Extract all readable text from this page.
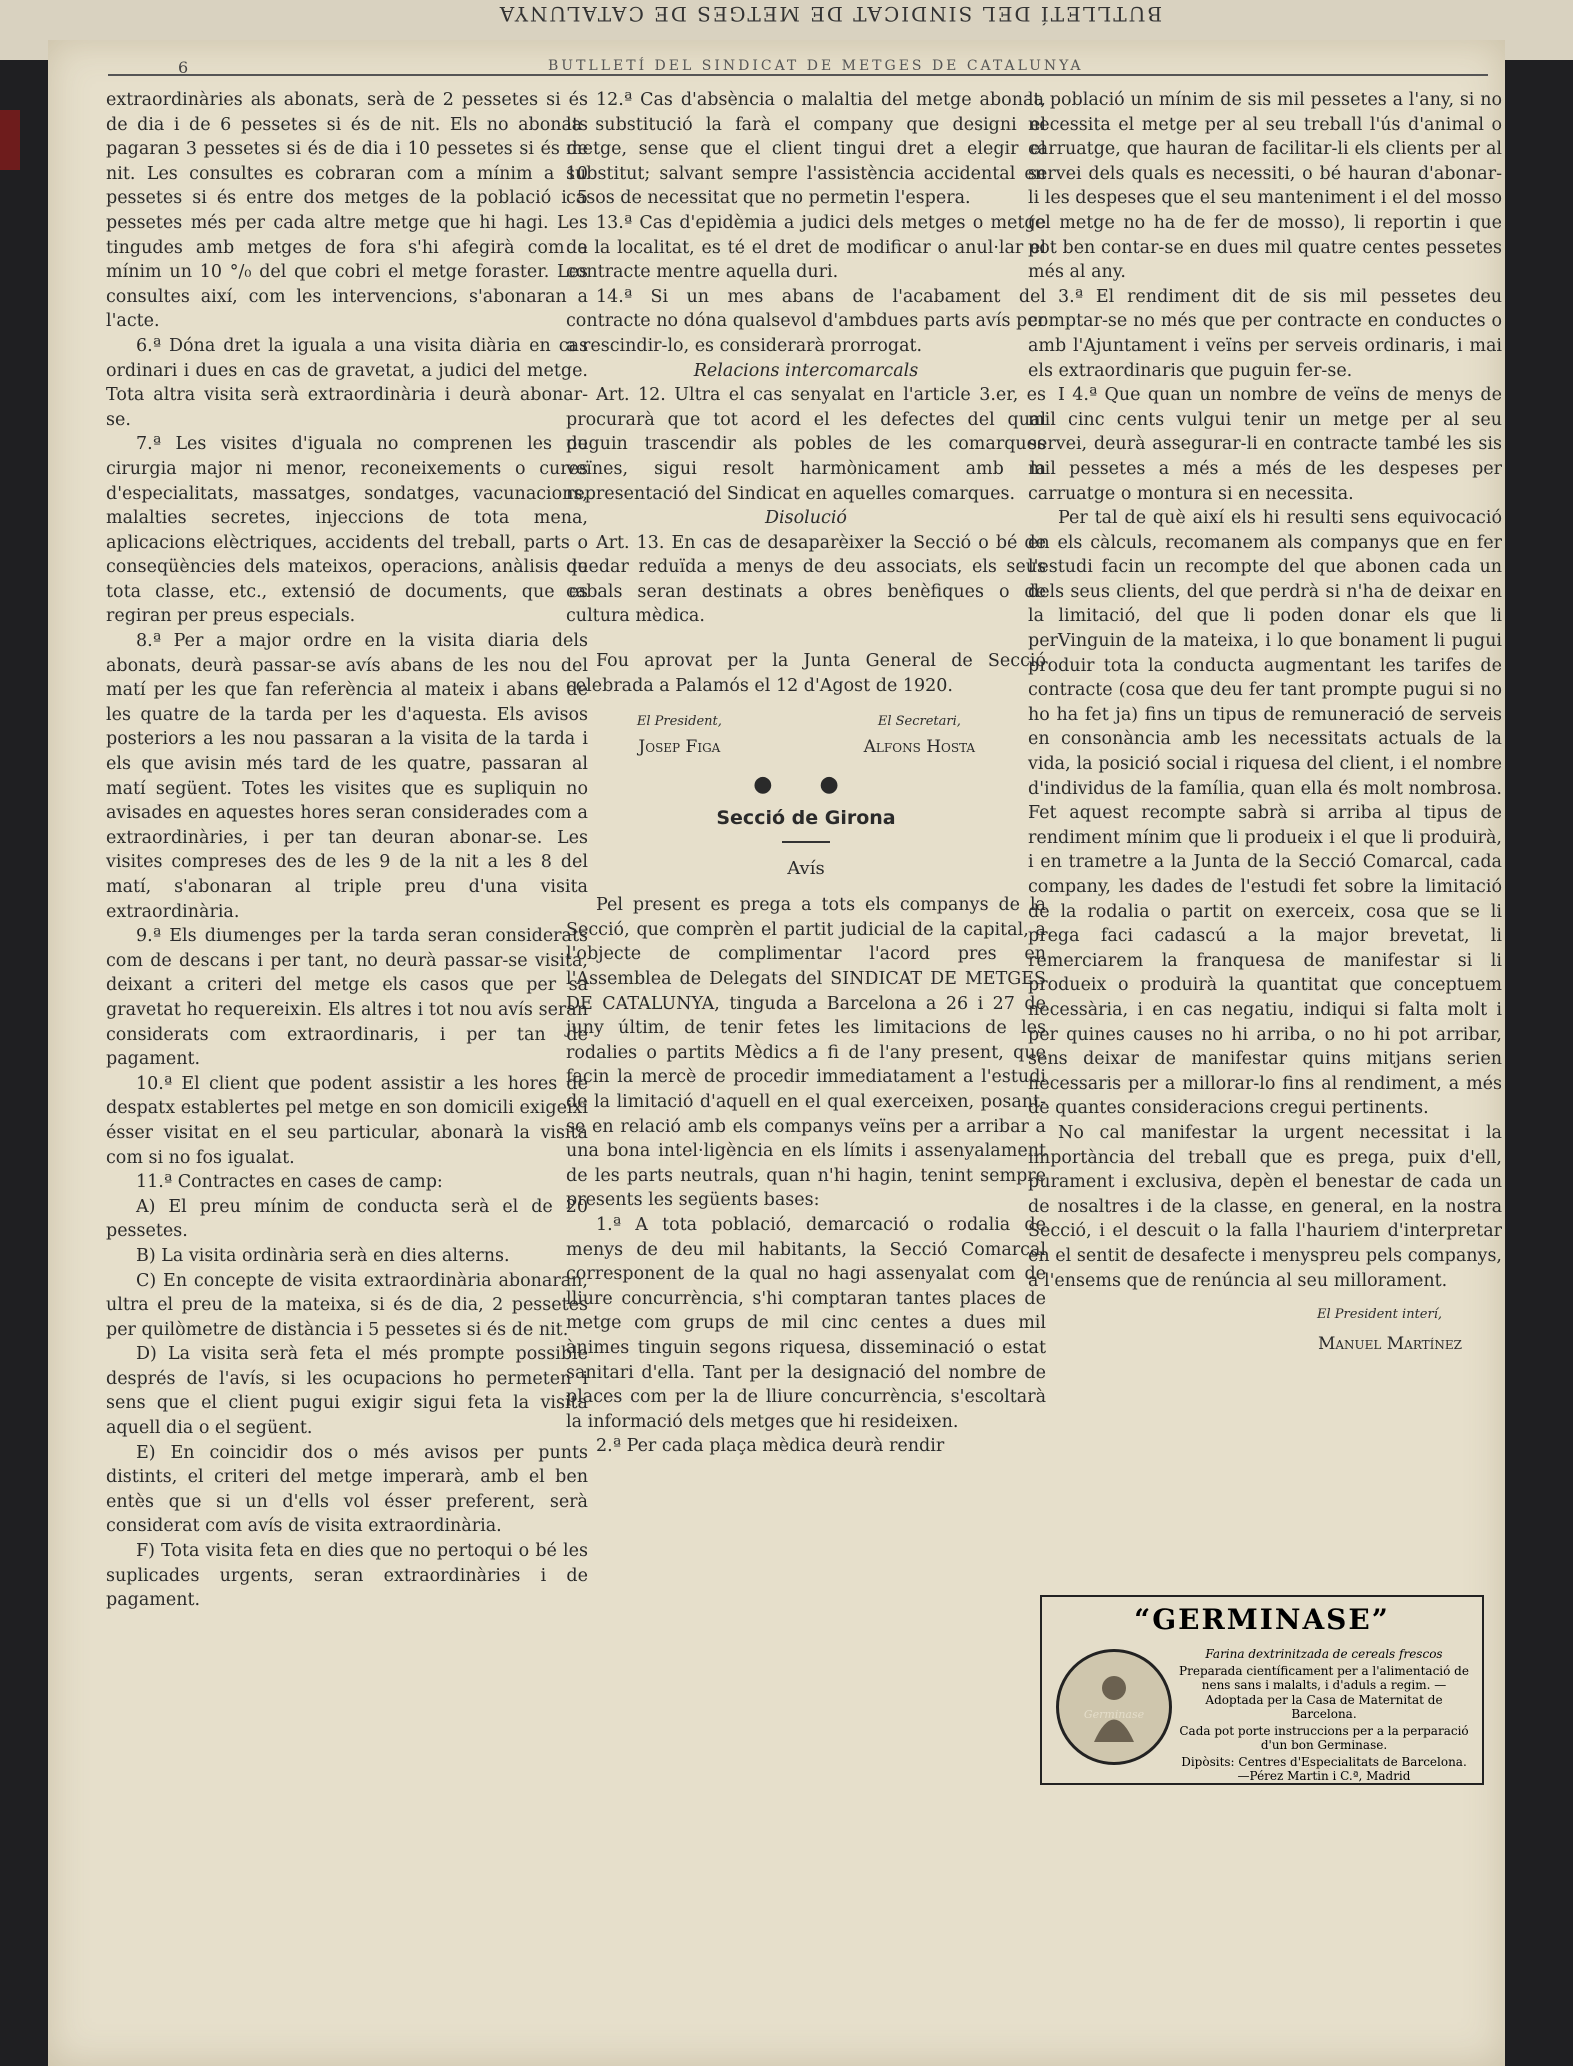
BUTLLETÍ DEL SINDICAT DE METGES DE CATALUNYA
6	BUTLLETÍ DEL SINDICAT DE METGES DE CATALUNYA

extraordinàries als abonats, serà de 2 pessetes si és de dia i de 6 pessetes si és de nit. Els no abonats pagaran 3 pessetes si és de dia i 10 pessetes si és de nit. Les consultes es cobraran com a mínim a 10 pessetes si és entre dos metges de la població i 5 pessetes més per cada altre metge que hi hagi. Les tingudes amb metges de fora s'hi afegirà com a mínim un 10 °/₀ del que cobri el metge foraster. Les consultes així, com les intervencions, s'abonaran a l'acte.

6.ª Dóna dret la iguala a una visita diària en cas ordinari i dues en cas de gravetat, a judici del metge. Tota altra visita serà extraordinària i deurà abonar-se.

7.ª Les visites d'iguala no comprenen les de cirurgia major ni menor, reconeixements o cures d'especialitats, massatges, sondatges, vacunacions, malalties secretes, injeccions de tota mena, aplicacions elèctriques, accidents del treball, parts o conseqüències dels mateixos, operacions, anàlisis de tota classe, etc., extensió de documents, que es regiran per preus especials.

8.ª Per a major ordre en la visita diaria dels abonats, deurà passar-se avís abans de les nou del matí per les que fan referència al mateix i abans de les quatre de la tarda per les d'aquesta. Els avisos posteriors a les nou passaran a la visita de la tarda i els que avisin més tard de les quatre, passaran al matí següent. Totes les visites que es supliquin no avisades en aquestes hores seran considerades com a extraordinàries, i per tan deuran abonar-se. Les visites compreses des de les 9 de la nit a les 8 del matí, s'abonaran al triple preu d'una visita extraordinària.

9.ª Els diumenges per la tarda seran considerats com de descans i per tant, no deurà passar-se visita, deixant a criteri del metge els casos que per sa gravetat ho requereixin. Els altres i tot nou avís seran considerats com extraordinaris, i per tan de pagament.

10.ª El client que podent assistir a les hores de despatx establertes pel metge en son domicili exigeixi ésser visitat en el seu particular, abonarà la visita com si no fos igualat.

11.ª Contractes en cases de camp:

A) El preu mínim de conducta serà el de 20 pessetes.

B) La visita ordinària serà en dies alterns.

C) En concepte de visita extraordinària abonaran, ultra el preu de la mateixa, si és de dia, 2 pessetes per quilòmetre de distància i 5 pessetes si és de nit.

D) La visita serà feta el més prompte possible després de l'avís, si les ocupacions ho permeten i sens que el client pugui exigir sigui feta la visita aquell dia o el següent.

E) En coincidir dos o més avisos per punts distints, el criteri del metge imperarà, amb el ben entès que si un d'ells vol ésser preferent, serà considerat com avís de visita extraordinària.

F) Tota visita feta en dies que no pertoqui o bé les suplicades urgents, seran extraordinàries i de pagament.

12.ª Cas d'absència o malaltia del metge abonat, la substitució la farà el company que designi el metge, sense que el client tingui dret a elegir el substitut; salvant sempre l'assistència accidental en casos de necessitat que no permetin l'espera.

13.ª Cas d'epidèmia a judici dels metges o metge de la localitat, es té el dret de modificar o anul·lar el contracte mentre aquella duri.

14.ª Si un mes abans de l'acabament del contracte no dóna qualsevol d'ambdues parts avís per a rescindir-lo, es considerarà prorrogat.

Relacions intercomarcals

Art. 12. Ultra el cas senyalat en l'article 3.er, es procurarà que tot acord el les defectes del qual puguin trascendir als pobles de les comarques veïnes, sigui resolt harmònicament amb la representació del Sindicat en aquelles comarques.

Disolució

Art. 13. En cas de desaparèixer la Secció o bé de quedar reduïda a menys de deu associats, els seus cabals seran destinats a obres benèfiques o de cultura mèdica.

Fou aprovat per la Junta General de Secció celebrada a Palamós el 12 d'Agost de 1920.

El President,
Josep Figa
El Secretari,
Alfons Hosta
● ●
Secció de Girona
Avís

Pel present es prega a tots els companys de la Secció, que comprèn el partit judicial de la capital, a l'objecte de complimentar l'acord pres en l'Assemblea de Delegats del SINDICAT DE METGES DE CATALUNYA, tinguda a Barcelona a 26 i 27 de juny últim, de tenir fetes les limitacions de les rodalies o partits Mèdics a fi de l'any present, que facin la mercè de procedir immediatament a l'estudi de la limitació d'aquell en el qual exerceixen, posant-se en relació amb els companys veïns per a arribar a una bona intel·ligència en els límits i assenyalament de les parts neutrals, quan n'hi hagin, tenint sempre presents les següents bases:

1.ª A tota població, demarcació o rodalia de menys de deu mil habitants, la Secció Comarcal corresponent de la qual no hagi assenyalat com de lliure concurrència, s'hi comptaran tantes places de metge com grups de mil cinc centes a dues mil ànimes tinguin segons riquesa, disseminació o estat sanitari d'ella. Tant per la designació del nombre de places com per la de lliure concurrència, s'escoltarà la informació dels metges que hi resideixen.

2.ª Per cada plaça mèdica deurà rendir

la població un mínim de sis mil pessetes a l'any, si no necessita el metge per al seu treball l'ús d'animal o carruatge, que hauran de facilitar-li els clients per al servei dels quals es necessiti, o bé hauran d'abonar-li les despeses que el seu manteniment i el del mosso (el metge no ha de fer de mosso), li reportin i que pot ben contar-se en dues mil quatre centes pessetes més al any.

3.ª El rendiment dit de sis mil pessetes deu comptar-se no més que per contracte en conductes o amb l'Ajuntament i veïns per serveis ordinaris, i mai els extraordinaris que puguin fer-se.

I 4.ª Que quan un nombre de veïns de menys de mil cinc cents vulgui tenir un metge per al seu servei, deurà assegurar-li en contracte també les sis mil pessetes a més a més de les despeses per carruatge o montura si en necessita.

Per tal de què així els hi resulti sens equivocació en els càlculs, recomanem als companys que en fer l'estudi facin un recompte del que abonen cada un dels seus clients, del que perdrà si n'ha de deixar en la limitació, del que li poden donar els que li perVinguin de la mateixa, i lo que bonament li pugui produir tota la conducta augmentant les tarifes de contracte (cosa que deu fer tant prompte pugui si no ho ha fet ja) fins un tipus de remuneració de serveis en consonància amb les necessitats actuals de la vida, la posició social i riquesa del client, i el nombre d'individus de la família, quan ella és molt nombrosa. Fet aquest recompte sabrà si arriba al tipus de rendiment mínim que li produeix i el que li produirà, i en trametre a la Junta de la Secció Comarcal, cada company, les dades de l'estudi fet sobre la limitació de la rodalia o partit on exerceix, cosa que se li prega faci cadascú a la major brevetat, li remerciarem la franquesa de manifestar si li produeix o produirà la quantitat que conceptuem necessària, i en cas negatiu, indiqui si falta molt i per quines causes no hi arriba, o no hi pot arribar, sens deixar de manifestar quins mitjans serien necessaris per a millorar-lo fins al rendiment, a més de quantes consideracions cregui pertinents.

No cal manifestar la urgent necessitat i la importància del treball que es prega, puix d'ell, purament i exclusiva, depèn el benestar de cada un de nosaltres i de la classe, en general, en la nostra Secció, i el descuit o la falla l'hauriem d'interpretar en el sentit de desafecte i menyspreu pels companys, a l'ensems que de renúncia al seu millorament.

El President interí,
Manuel Martínez
“GERMINASE”
Germinase
Farina dextrinitzada de cereals frescos
Preparada científicament per a l'alimentació de nens sans i malalts, i d'aduls a regim. — Adoptada per la Casa de Maternitat de Barcelona.
Cada pot porte instruccions per a la perparació d'un bon Germinase.
Dipòsits: Centres d'Especialitats de Barcelona.—Pérez Martin i C.ª, Madrid
